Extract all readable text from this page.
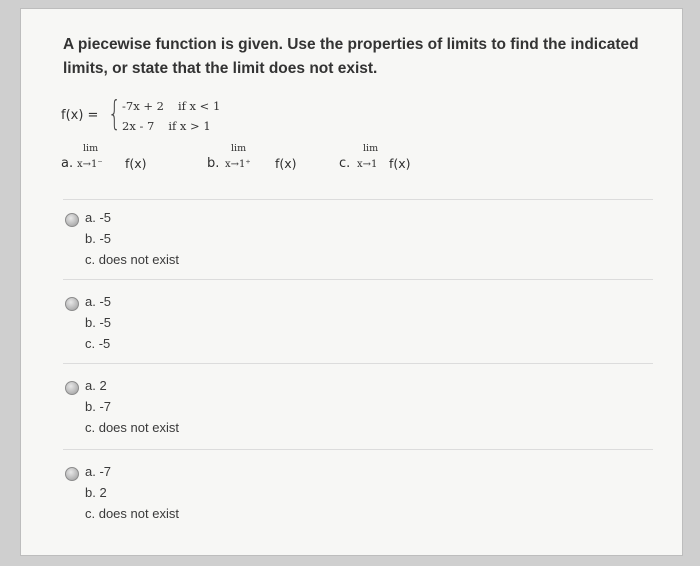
A piecewise function is given. Use the properties of limits to find the indicated limits, or state that the limit does not exist.
f(x) = { -7x + 2 if x < 1
2x - 7 if x > 1
a.
lim
x→1⁻ f(x)	b.
lim
x→1⁺ f(x)	c.
lim
x→1 f(x)
a. -5
b. -5
c. does not exist
a. -5
b. -5
c. -5
a. 2
b. -7
c. does not exist
a. -7
b. 2
c. does not exist
